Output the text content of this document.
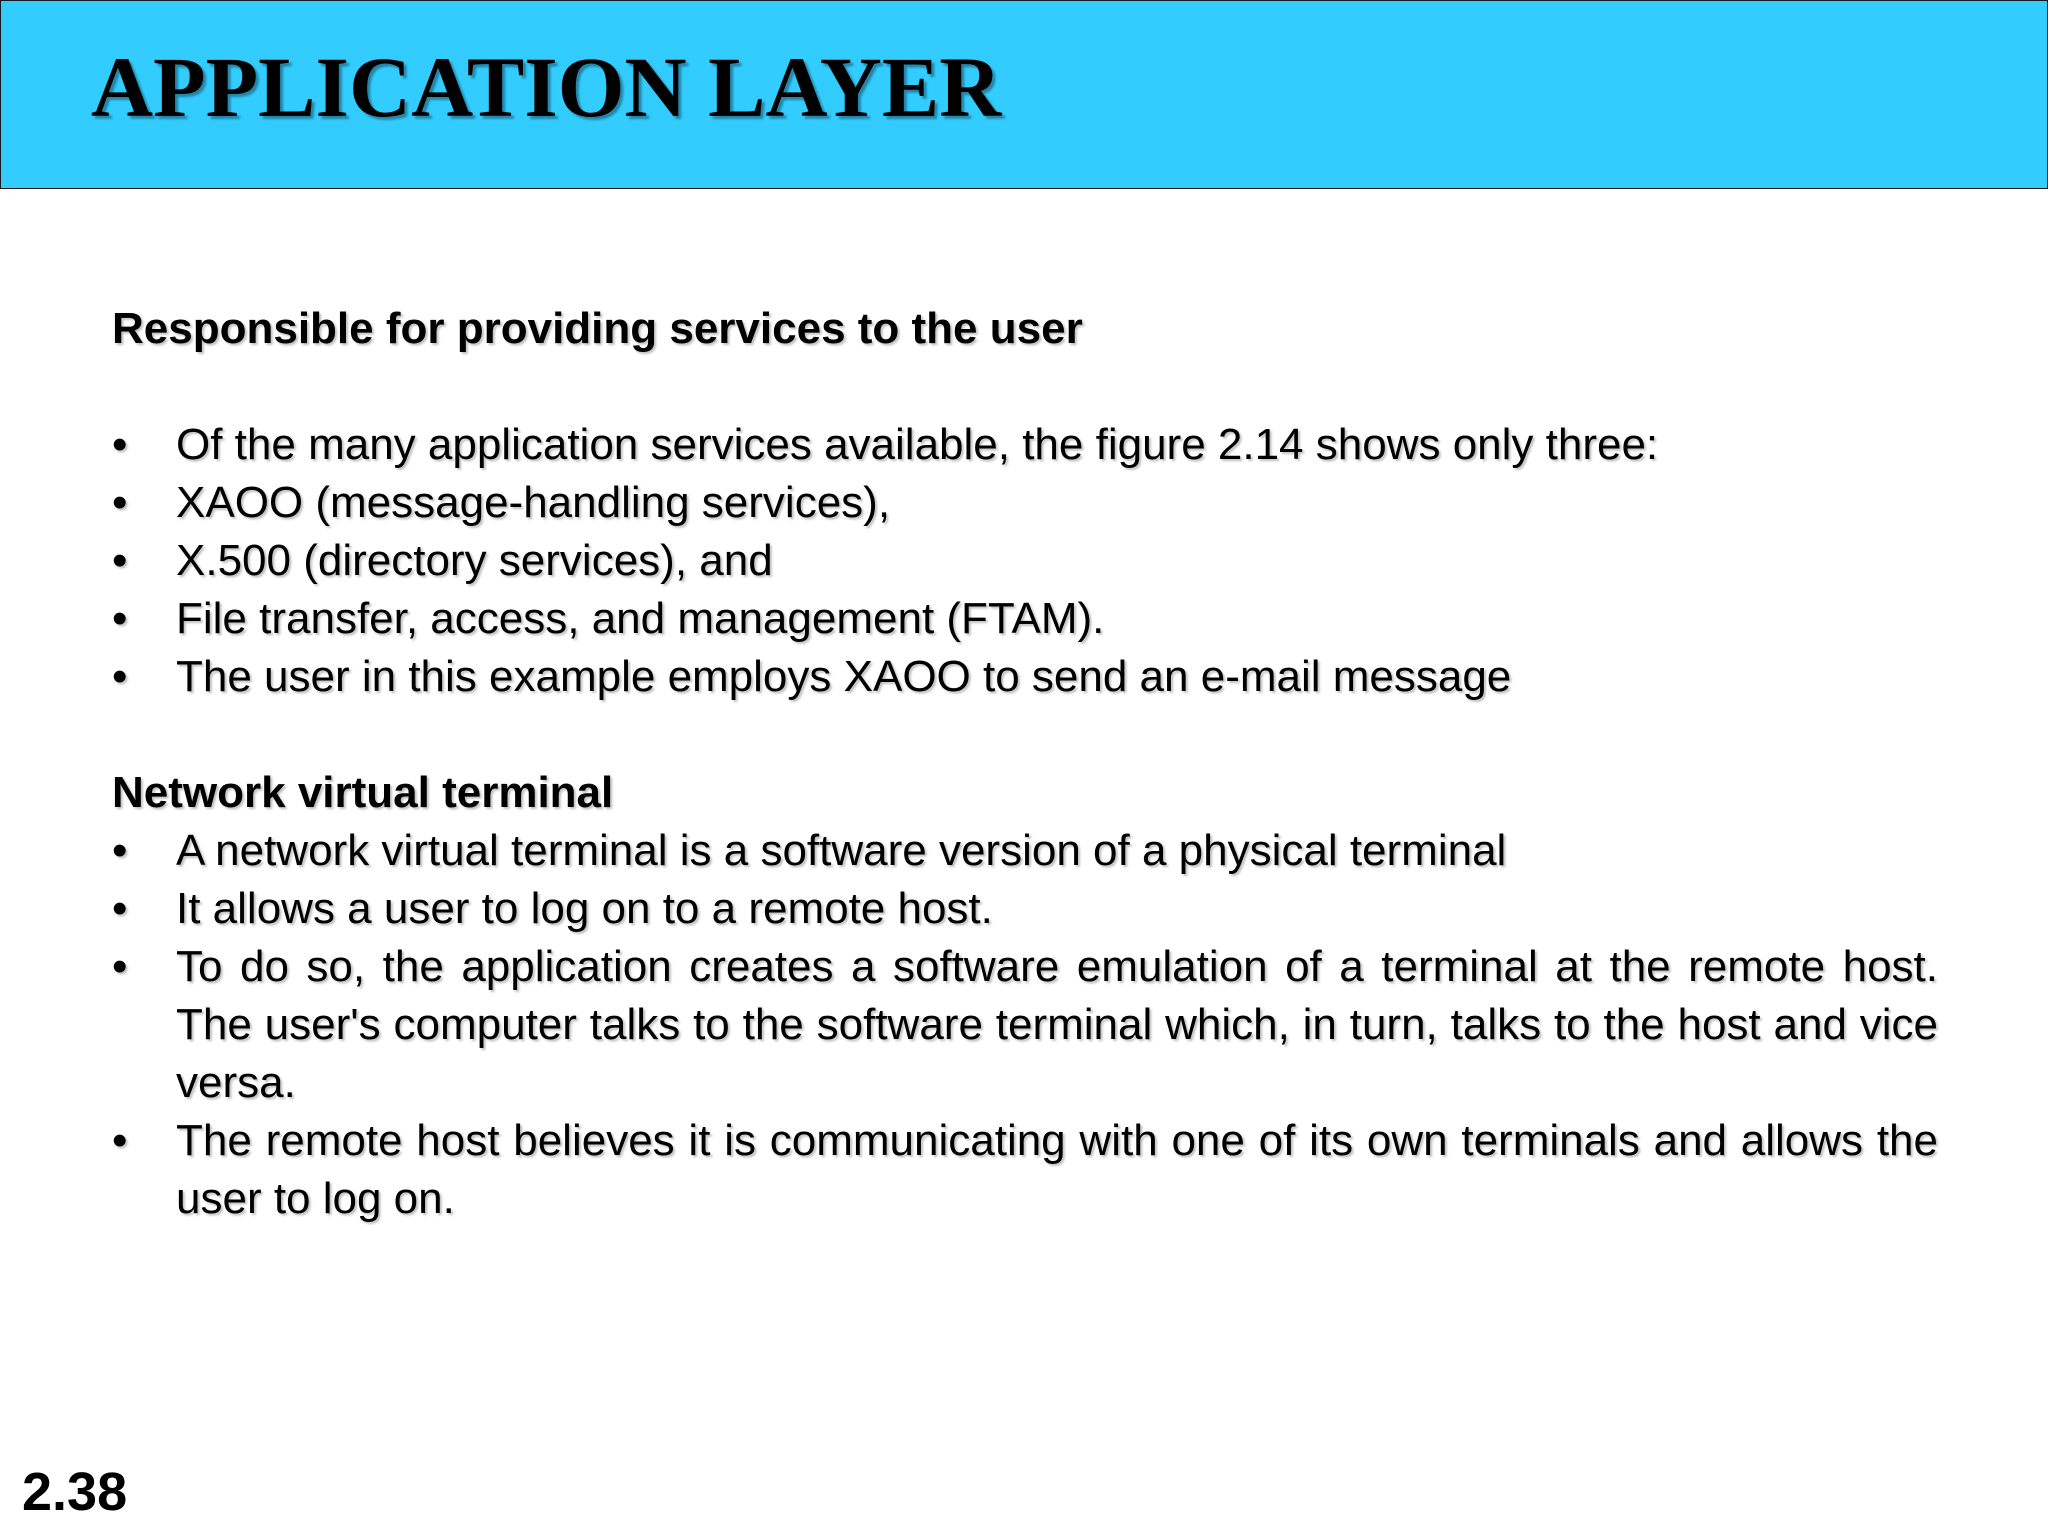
APPLICATION LAYER

Responsible for providing services to the user

•	Of the many application services available, the figure 2.14 shows only three:
•	XAOO (message-handling services),
•	X.500 (directory services), and
•	File transfer, access, and management (FTAM).
•	The user in this example employs XAOO to send an e-mail message

Network virtual terminal

•	A network virtual terminal is a software version of a physical terminal
•	It allows a user to log on to a remote host.
•	To do so, the application creates a software emulation of a terminal at the remote host. The user's computer talks to the software terminal which, in turn, talks to the host and vice versa.
•	The remote host believes it is communicating with one of its own terminals and allows the user to log on.
2.38
